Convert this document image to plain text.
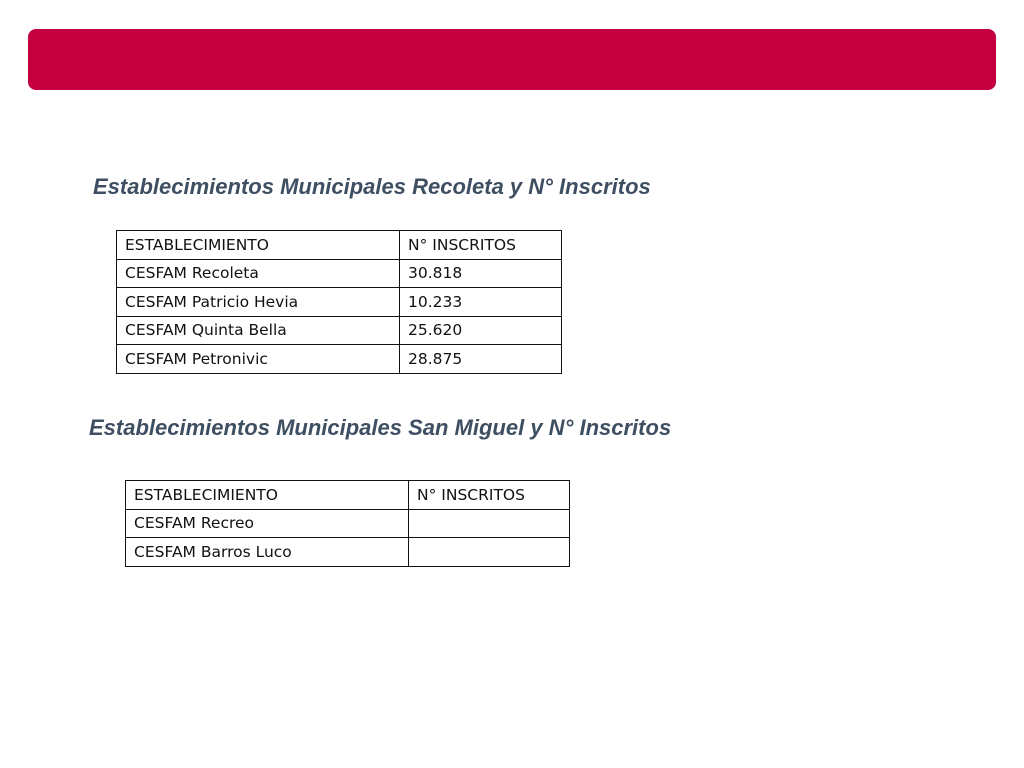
Establecimientos Municipales Recoleta y N° Inscritos
ESTABLECIMIENTO	N° INSCRITOS
CESFAM Recoleta	30.818
CESFAM Patricio Hevia	10.233
CESFAM Quinta Bella	25.620
CESFAM Petronivic	28.875
Establecimientos Municipales San Miguel y N° Inscritos
ESTABLECIMIENTO	N° INSCRITOS
CESFAM Recreo	
CESFAM Barros Luco	
